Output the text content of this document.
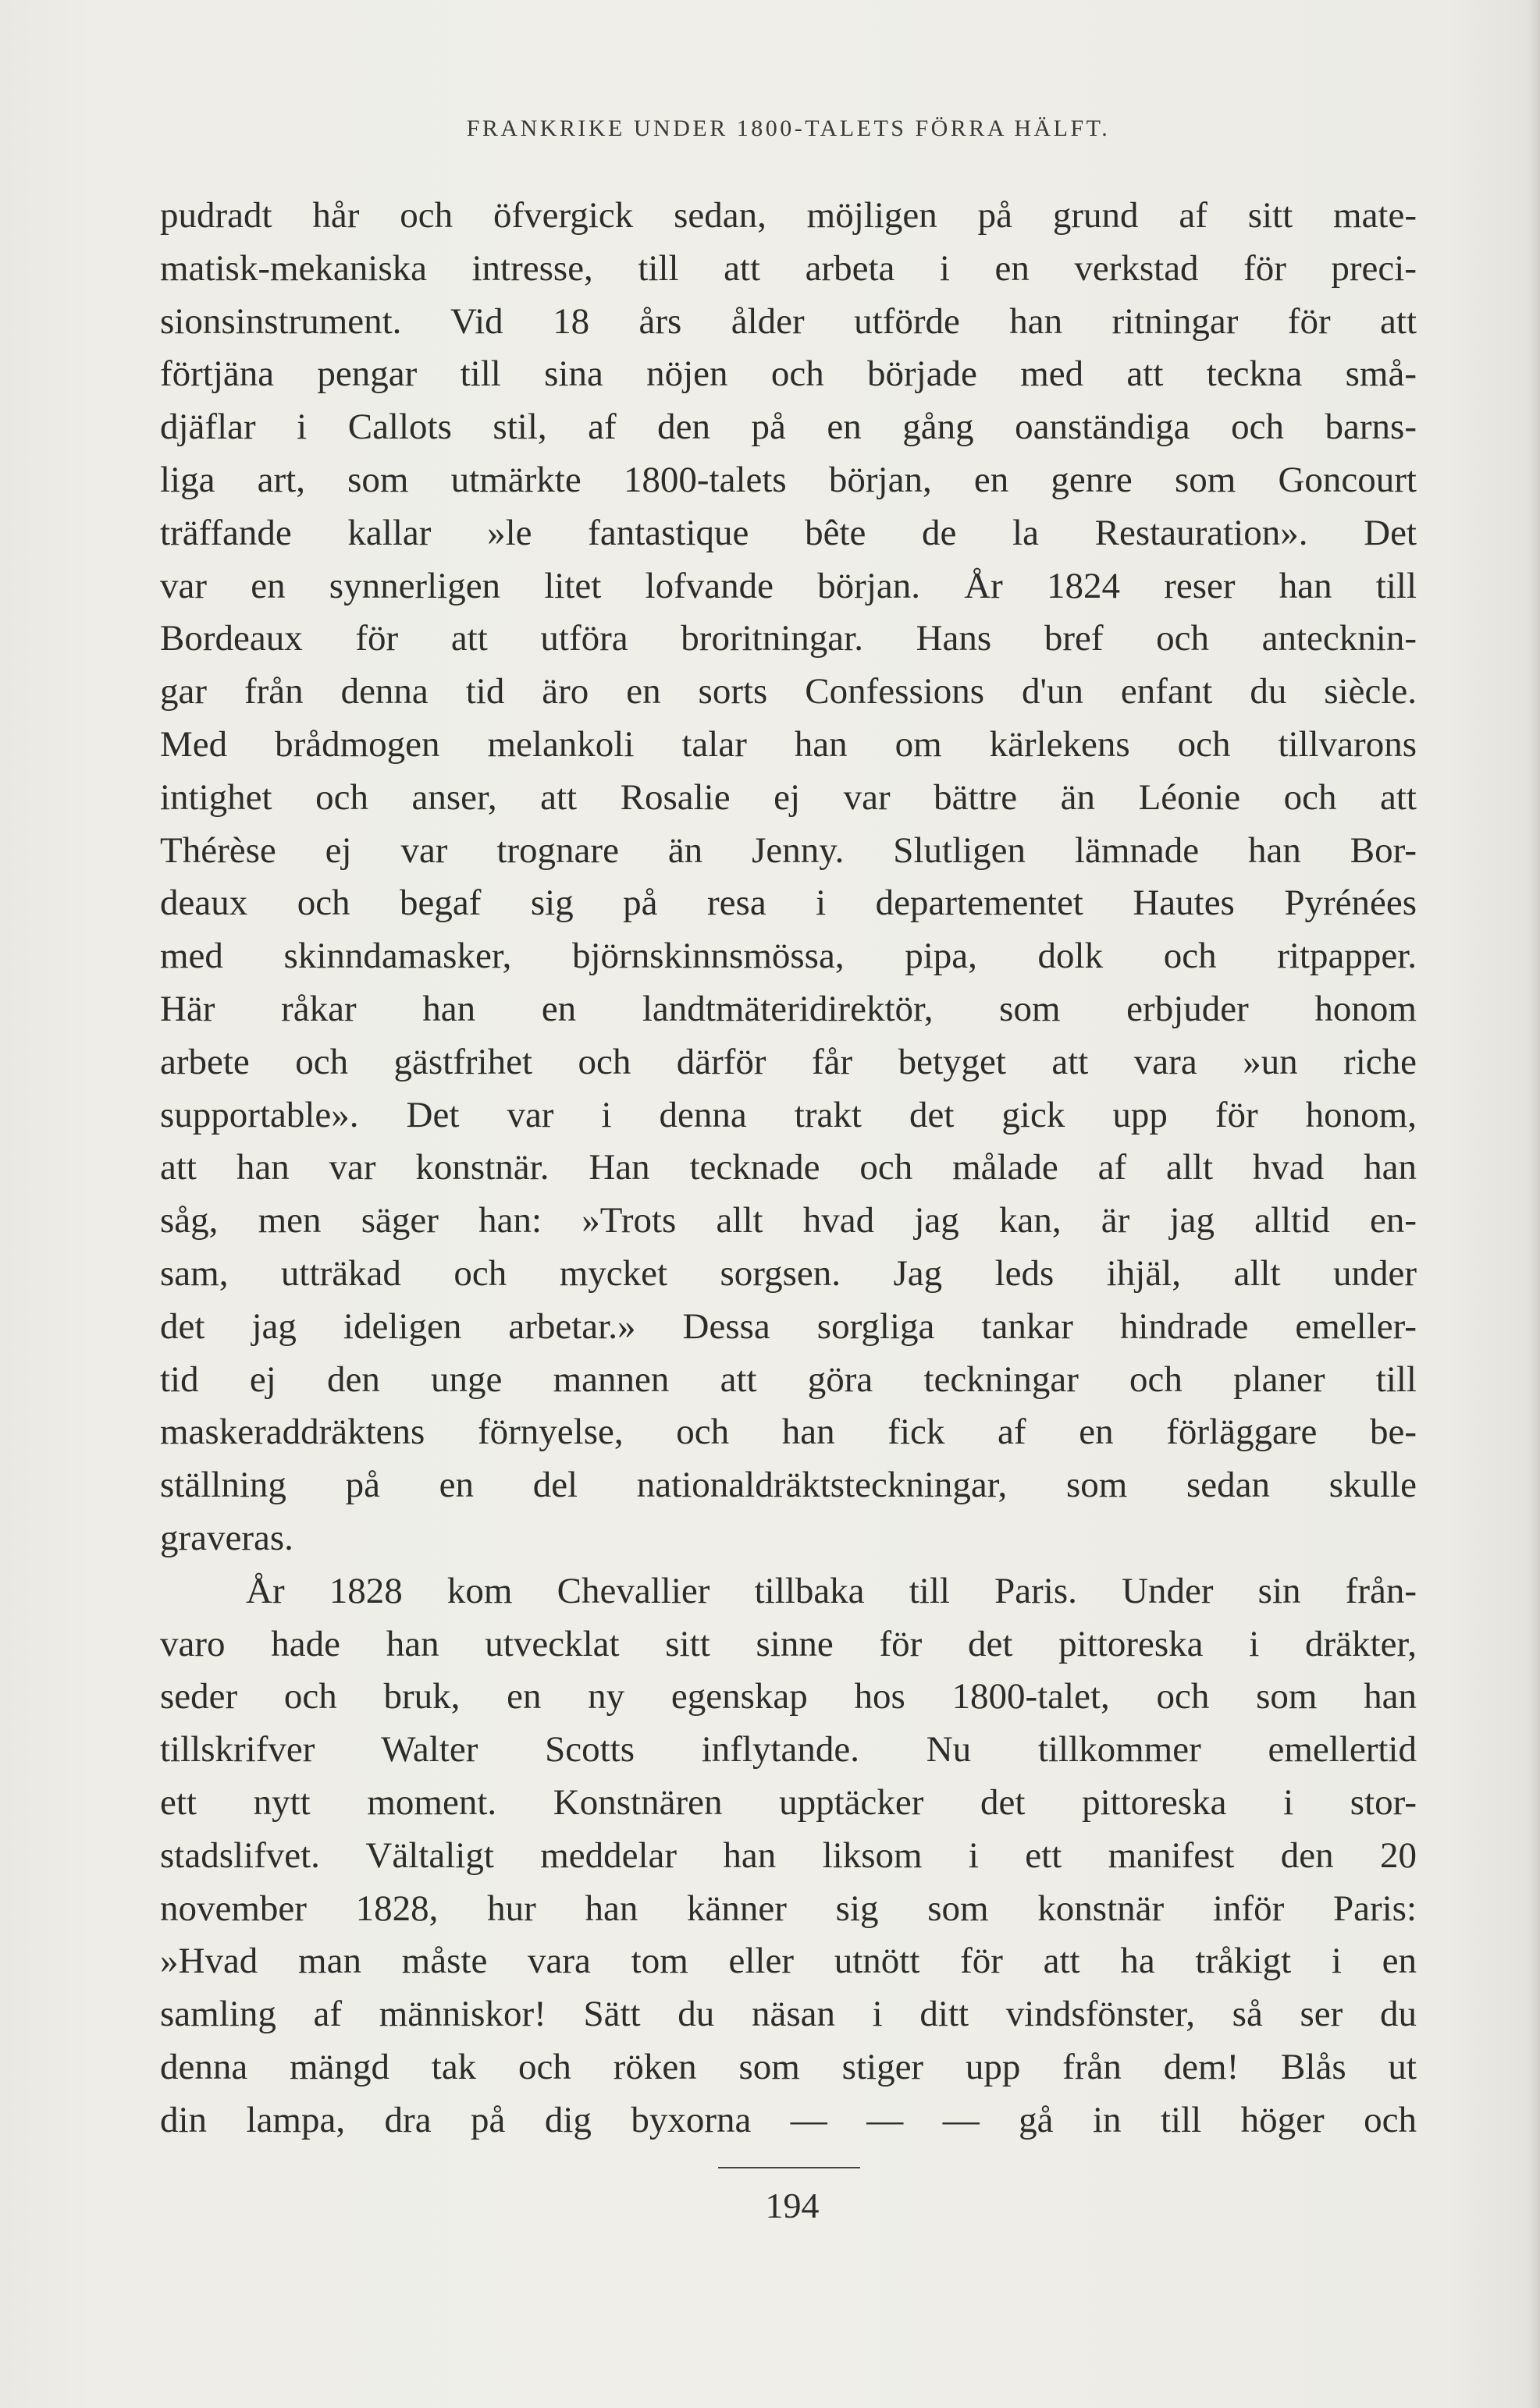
FRANKRIKE UNDER 1800-TALETS FÖRRA HÄLFT.
pudradt hår och öfvergick sedan, möjligen på grund af sitt mate-
matisk-mekaniska intresse, till att arbeta i en verkstad för preci-
sionsinstrument. Vid 18 års ålder utförde han ritningar för att
förtjäna pengar till sina nöjen och började med att teckna små-
djäflar i Callots stil, af den på en gång oanständiga och barns-
liga art, som utmärkte 1800-talets början, en genre som Goncourt
träffande kallar »le fantastique bête de la Restauration». Det
var en synnerligen litet lofvande början. År 1824 reser han till
Bordeaux för att utföra broritningar. Hans bref och antecknin-
gar från denna tid äro en sorts Confessions d'un enfant du siècle.
Med brådmogen melankoli talar han om kärlekens och tillvarons
intighet och anser, att Rosalie ej var bättre än Léonie och att
Thérèse ej var trognare än Jenny. Slutligen lämnade han Bor-
deaux och begaf sig på resa i departementet Hautes Pyrénées
med skinndamasker, björnskinnsmössa, pipa, dolk och ritpapper.
Här råkar han en landtmäteridirektör, som erbjuder honom
arbete och gästfrihet och därför får betyget att vara »un riche
supportable». Det var i denna trakt det gick upp för honom,
att han var konstnär. Han tecknade och målade af allt hvad han
såg, men säger han: »Trots allt hvad jag kan, är jag alltid en-
sam, utträkad och mycket sorgsen. Jag leds ihjäl, allt under
det jag ideligen arbetar.» Dessa sorgliga tankar hindrade emeller-
tid ej den unge mannen att göra teckningar och planer till
maskeraddräktens förnyelse, och han fick af en förläggare be-
ställning på en del nationaldräktsteckningar, som sedan skulle
graveras.
År 1828 kom Chevallier tillbaka till Paris. Under sin från-
varo hade han utvecklat sitt sinne för det pittoreska i dräkter,
seder och bruk, en ny egenskap hos 1800-talet, och som han
tillskrifver Walter Scotts inflytande. Nu tillkommer emellertid
ett nytt moment. Konstnären upptäcker det pittoreska i stor-
stadslifvet. Vältaligt meddelar han liksom i ett manifest den 20
november 1828, hur han känner sig som konstnär inför Paris:
»Hvad man måste vara tom eller utnött för att ha tråkigt i en
samling af människor! Sätt du näsan i ditt vindsfönster, så ser du
denna mängd tak och röken som stiger upp från dem! Blås ut
din lampa, dra på dig byxorna — — — gå in till höger och
194
